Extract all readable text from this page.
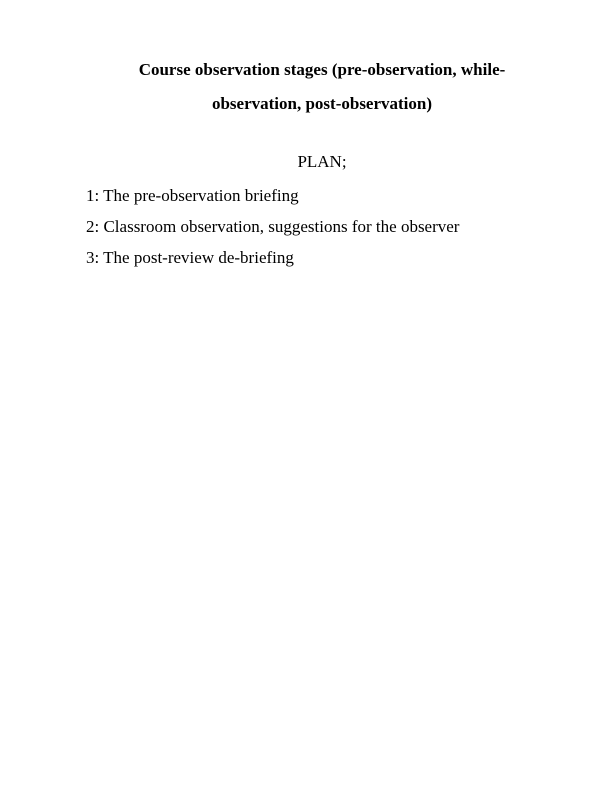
Course observation stages (pre-observation, while-
observation, post-observation)

PLAN;

1: The pre-observation briefing
2: Classroom observation, suggestions for the observer
3: The post-review de-briefing
